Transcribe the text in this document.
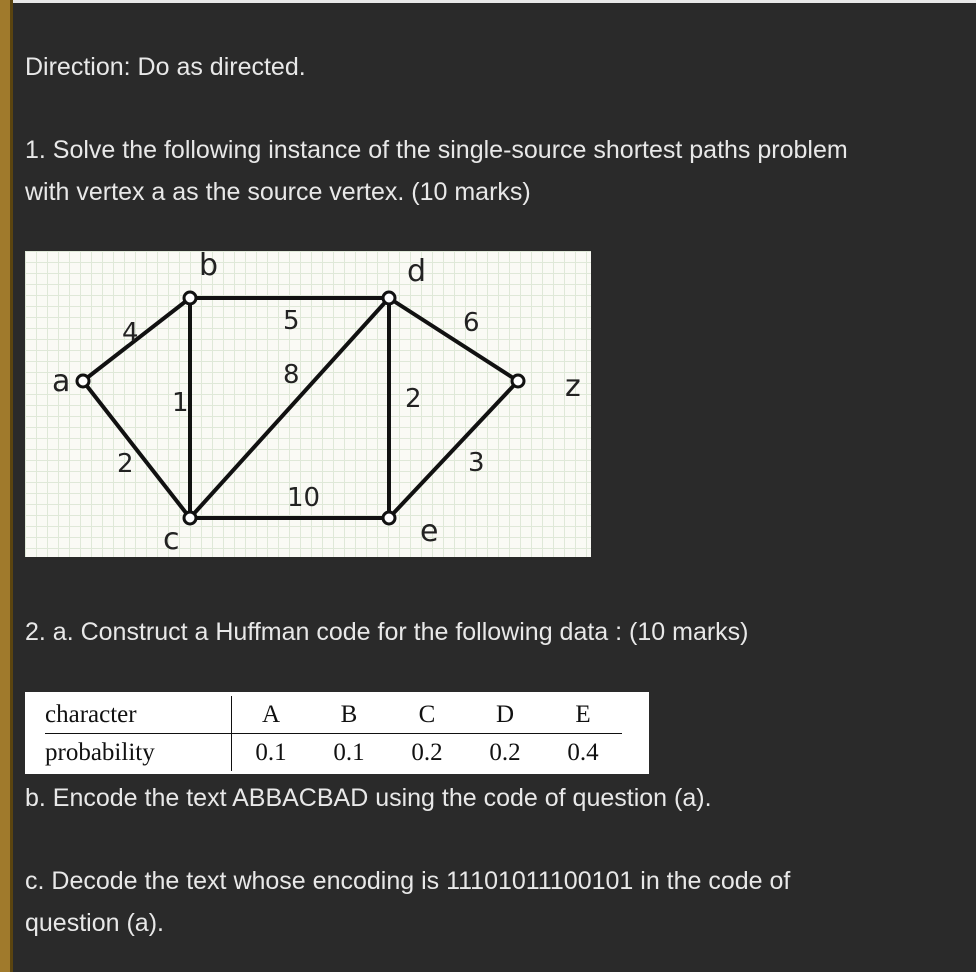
Direction: Do as directed.
1. Solve the following instance of the single-source shortest paths problem
with vertex a as the source vertex. (10 marks)
4
2
1
5
8
10
2
6
3
a
b
c
d
e
z
2. a. Construct a Huffman code for the following data : (10 marks)
character	A	B	C	D	E
probability	0.1	0.1	0.2	0.2	0.4
b. Encode the text ABBACBAD using the code of question (a).
c. Decode the text whose encoding is 11101011100101 in the code of
question (a).
